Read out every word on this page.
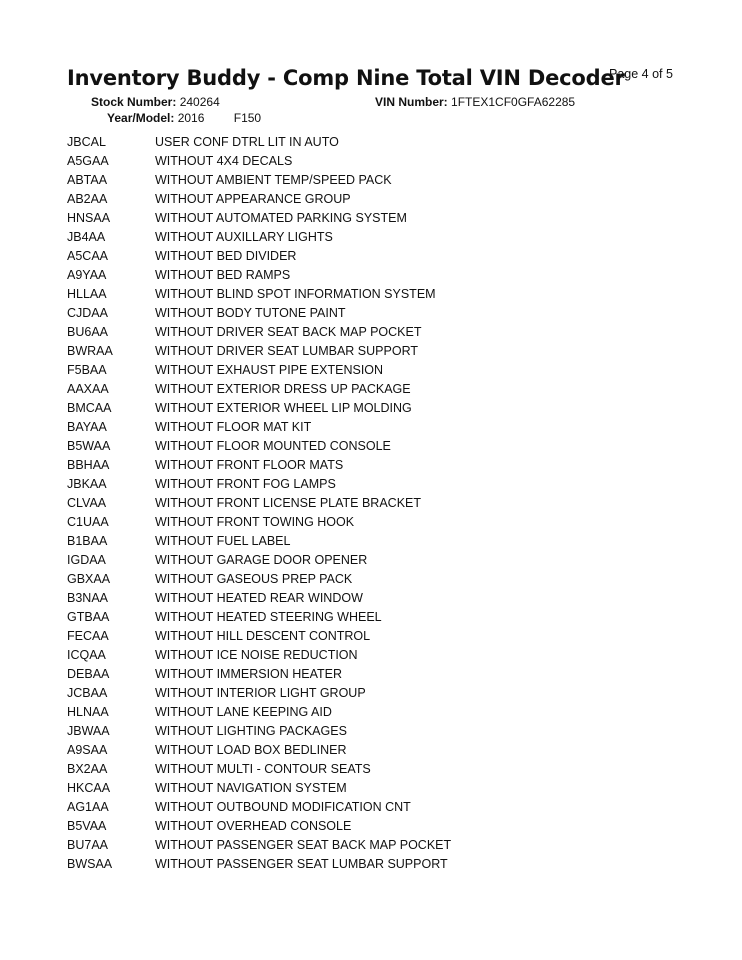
Inventory Buddy - Comp Nine Total VIN Decoder
Page 4 of 5
Stock Number: 240264	VIN Number: 1FTEX1CF0GFA62285
Year/Model: 2016 F150
JBCAL	USER CONF DTRL LIT IN AUTO
A5GAA	WITHOUT 4X4 DECALS
ABTAA	WITHOUT AMBIENT TEMP/SPEED PACK
AB2AA	WITHOUT APPEARANCE GROUP
HNSAA	WITHOUT AUTOMATED PARKING SYSTEM
JB4AA	WITHOUT AUXILLARY LIGHTS
A5CAA	WITHOUT BED DIVIDER
A9YAA	WITHOUT BED RAMPS
HLLAA	WITHOUT BLIND SPOT INFORMATION SYSTEM
CJDAA	WITHOUT BODY TUTONE PAINT
BU6AA	WITHOUT DRIVER SEAT BACK MAP POCKET
BWRAA	WITHOUT DRIVER SEAT LUMBAR SUPPORT
F5BAA	WITHOUT EXHAUST PIPE EXTENSION
AAXAA	WITHOUT EXTERIOR DRESS UP PACKAGE
BMCAA	WITHOUT EXTERIOR WHEEL LIP MOLDING
BAYAA	WITHOUT FLOOR MAT KIT
B5WAA	WITHOUT FLOOR MOUNTED CONSOLE
BBHAA	WITHOUT FRONT FLOOR MATS
JBKAA	WITHOUT FRONT FOG LAMPS
CLVAA	WITHOUT FRONT LICENSE PLATE BRACKET
C1UAA	WITHOUT FRONT TOWING HOOK
B1BAA	WITHOUT FUEL LABEL
IGDAA	WITHOUT GARAGE DOOR OPENER
GBXAA	WITHOUT GASEOUS PREP PACK
B3NAA	WITHOUT HEATED REAR WINDOW
GTBAA	WITHOUT HEATED STEERING WHEEL
FECAA	WITHOUT HILL DESCENT CONTROL
ICQAA	WITHOUT ICE NOISE REDUCTION
DEBAA	WITHOUT IMMERSION HEATER
JCBAA	WITHOUT INTERIOR LIGHT GROUP
HLNAA	WITHOUT LANE KEEPING AID
JBWAA	WITHOUT LIGHTING PACKAGES
A9SAA	WITHOUT LOAD BOX BEDLINER
BX2AA	WITHOUT MULTI - CONTOUR SEATS
HKCAA	WITHOUT NAVIGATION SYSTEM
AG1AA	WITHOUT OUTBOUND MODIFICATION CNT
B5VAA	WITHOUT OVERHEAD CONSOLE
BU7AA	WITHOUT PASSENGER SEAT BACK MAP POCKET
BWSAA	WITHOUT PASSENGER SEAT LUMBAR SUPPORT
